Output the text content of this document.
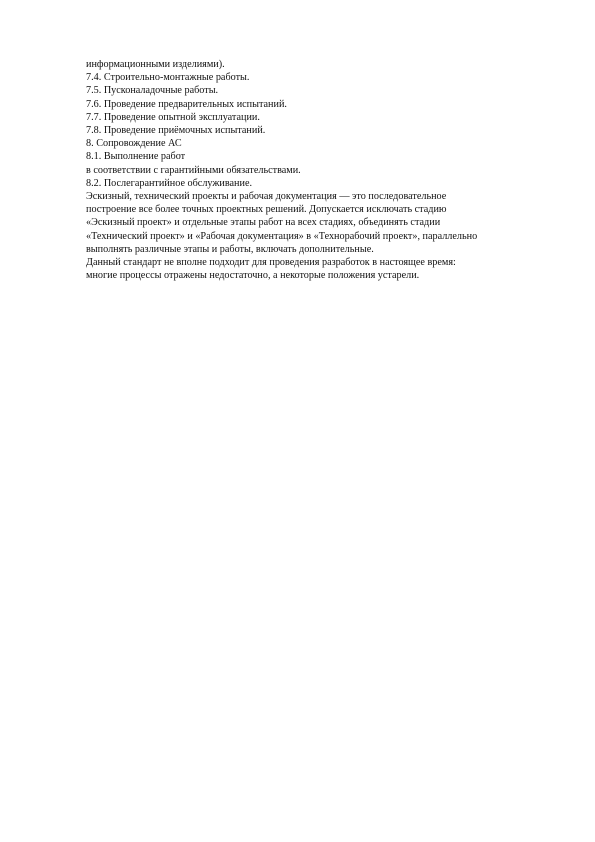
информационными изделиями).

7.4. Строительно-монтажные работы.

7.5. Пусконаладочные работы.

7.6. Проведение предварительных испытаний.

7.7. Проведение опытной эксплуатации.

7.8. Проведение приёмочных испытаний.

8. Сопровождение АС

8.1. Выполнение работ

в соответствии с гарантийными обязательствами.

8.2. Послегарантийное обслуживание.

Эскизный, технический проекты и рабочая документация — это последовательное

построение все более точных проектных решений. Допускается исключать стадию

«Эскизный проект» и отдельные этапы работ на всех стадиях, объединять стадии

«Технический проект» и «Рабочая документация» в «Технорабочий проект», параллельно

выполнять различные этапы и работы, включать дополнительные.

Данный стандарт не вполне подходит для проведения разработок в настоящее время:

многие процессы отражены недостаточно, а некоторые положения устарели.
